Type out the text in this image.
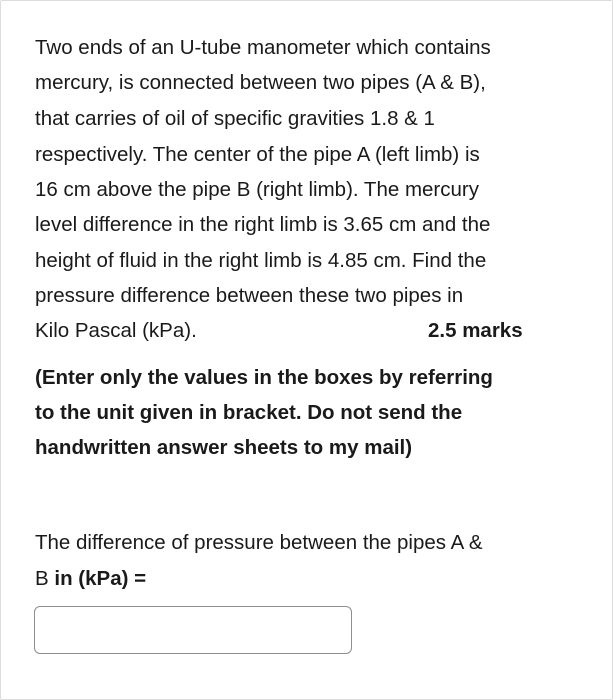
Two ends of an U-tube manometer which contains
mercury, is connected between two pipes (A & B),
that carries of oil of specific gravities 1.8 & 1
respectively. The center of the pipe A (left limb) is
16 cm above the pipe B (right limb). The mercury
level difference in the right limb is 3.65 cm and the
height of fluid in the right limb is 4.85 cm. Find the
pressure difference between these two pipes in
Kilo Pascal (kPa).	2.5 marks
(Enter only the values in the boxes by referring
to the unit given in bracket. Do not send the
handwritten answer sheets to my mail)
The difference of pressure between the pipes A &
B in (kPa) =
